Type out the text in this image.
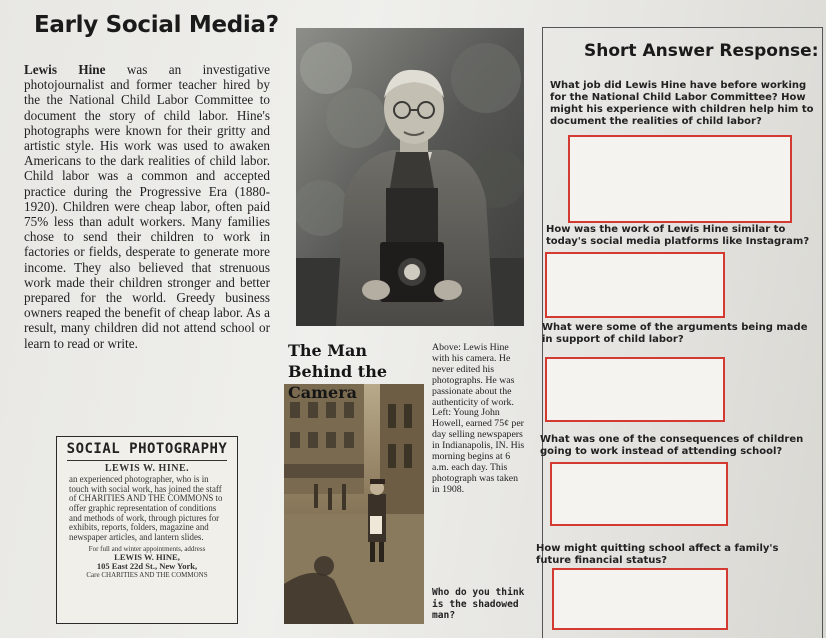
Early Social Media?
Lewis Hine was an investigative photojournalist and former teacher hired by the the National Child Labor Committee to document the story of child labor. Hine's photographs were known for their gritty and artistic style. His work was used to awaken Americans to the dark realities of child labor. Child labor was a common and accepted practice during the Progressive Era (1880-1920). Children were cheap labor, often paid 75% less than adult workers. Many families chose to send their children to work in factories or fields, desperate to generate more income. They also believed that strenuous work made their children stronger and better prepared for the world. Greedy business owners reaped the benefit of cheap labor. As a result, many children did not attend school or learn to read or write.	The Man Behind the Camera
Above: Lewis Hine with his camera. He never edited his photographs. He was passionate about the authenticity of work. Left: Young John Howell, earned 75¢ per day selling newspapers in Indianapolis, IN. His morning begins at 6 a.m. each day. This photograph was taken in 1908.
Who do you think is the shadowed man?
SOCIAL PHOTOGRAPHY
LEWIS W. HINE.
an experienced photographer, who is in touch with social work, has joined the staff of CHARITIES AND THE COMMONS to offer graphic representation of conditions and methods of work, through pictures for exhibits, reports, folders, magazine and newspaper articles, and lantern slides.
For full and winter appointments, address
LEWIS W. HINE,
105 East 22d St., New York,
Care CHARITIES AND THE COMMONS
Short Answer Response:
What job did Lewis Hine have before working for the National Child Labor Committee? How might his experience with children help him to document the realities of child labor?
How was the work of Lewis Hine similar to today's social media platforms like Instagram?
What were some of the arguments being made in support of child labor?
What was one of the consequences of children going to work instead of attending school?
How might quitting school affect a family's future financial status?
